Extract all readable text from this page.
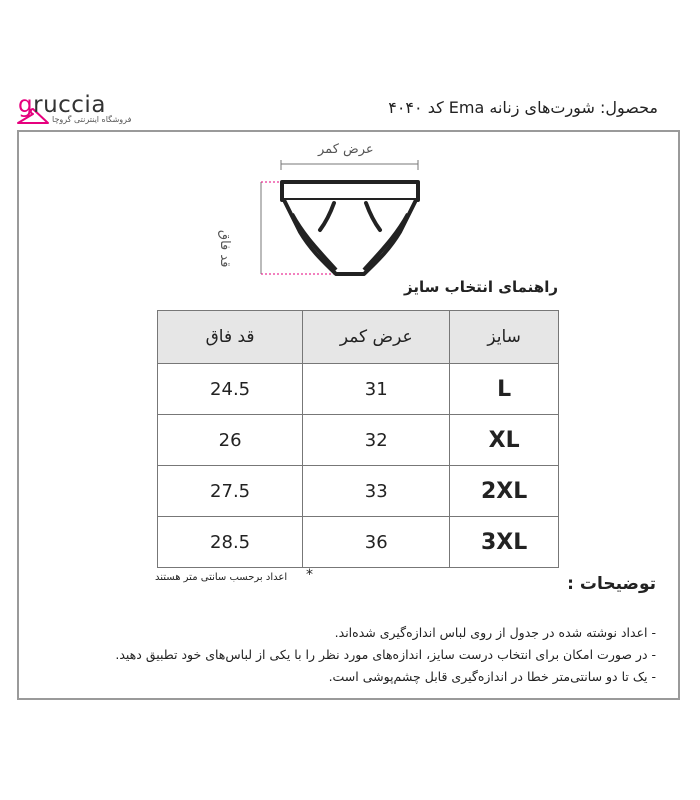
gruccia
فروشگاه اینترنتی گروچا
محصول: شورت‌های زنانه Ema کد ۴۰۴۰
عرض کمر
قد فاق
راهنمای انتخاب سایز
سایز	عرض کمر	قد فاق
L	31	24.5
XL	32	26
2XL	33	27.5
3XL	36	28.5
توضیحات :
*
اعداد برحسب سانتی متر هستند
- اعداد نوشته شده در جدول از روی لباس اندازه‌گیری شده‌اند.
- در صورت امکان برای انتخاب درست سایز، اندازه‌های مورد نظر را با یکی از لباس‌های خود تطبیق دهید.
- یک تا دو سانتی‌متر خطا در اندازه‌گیری قابل چشم‌پوشی است.
